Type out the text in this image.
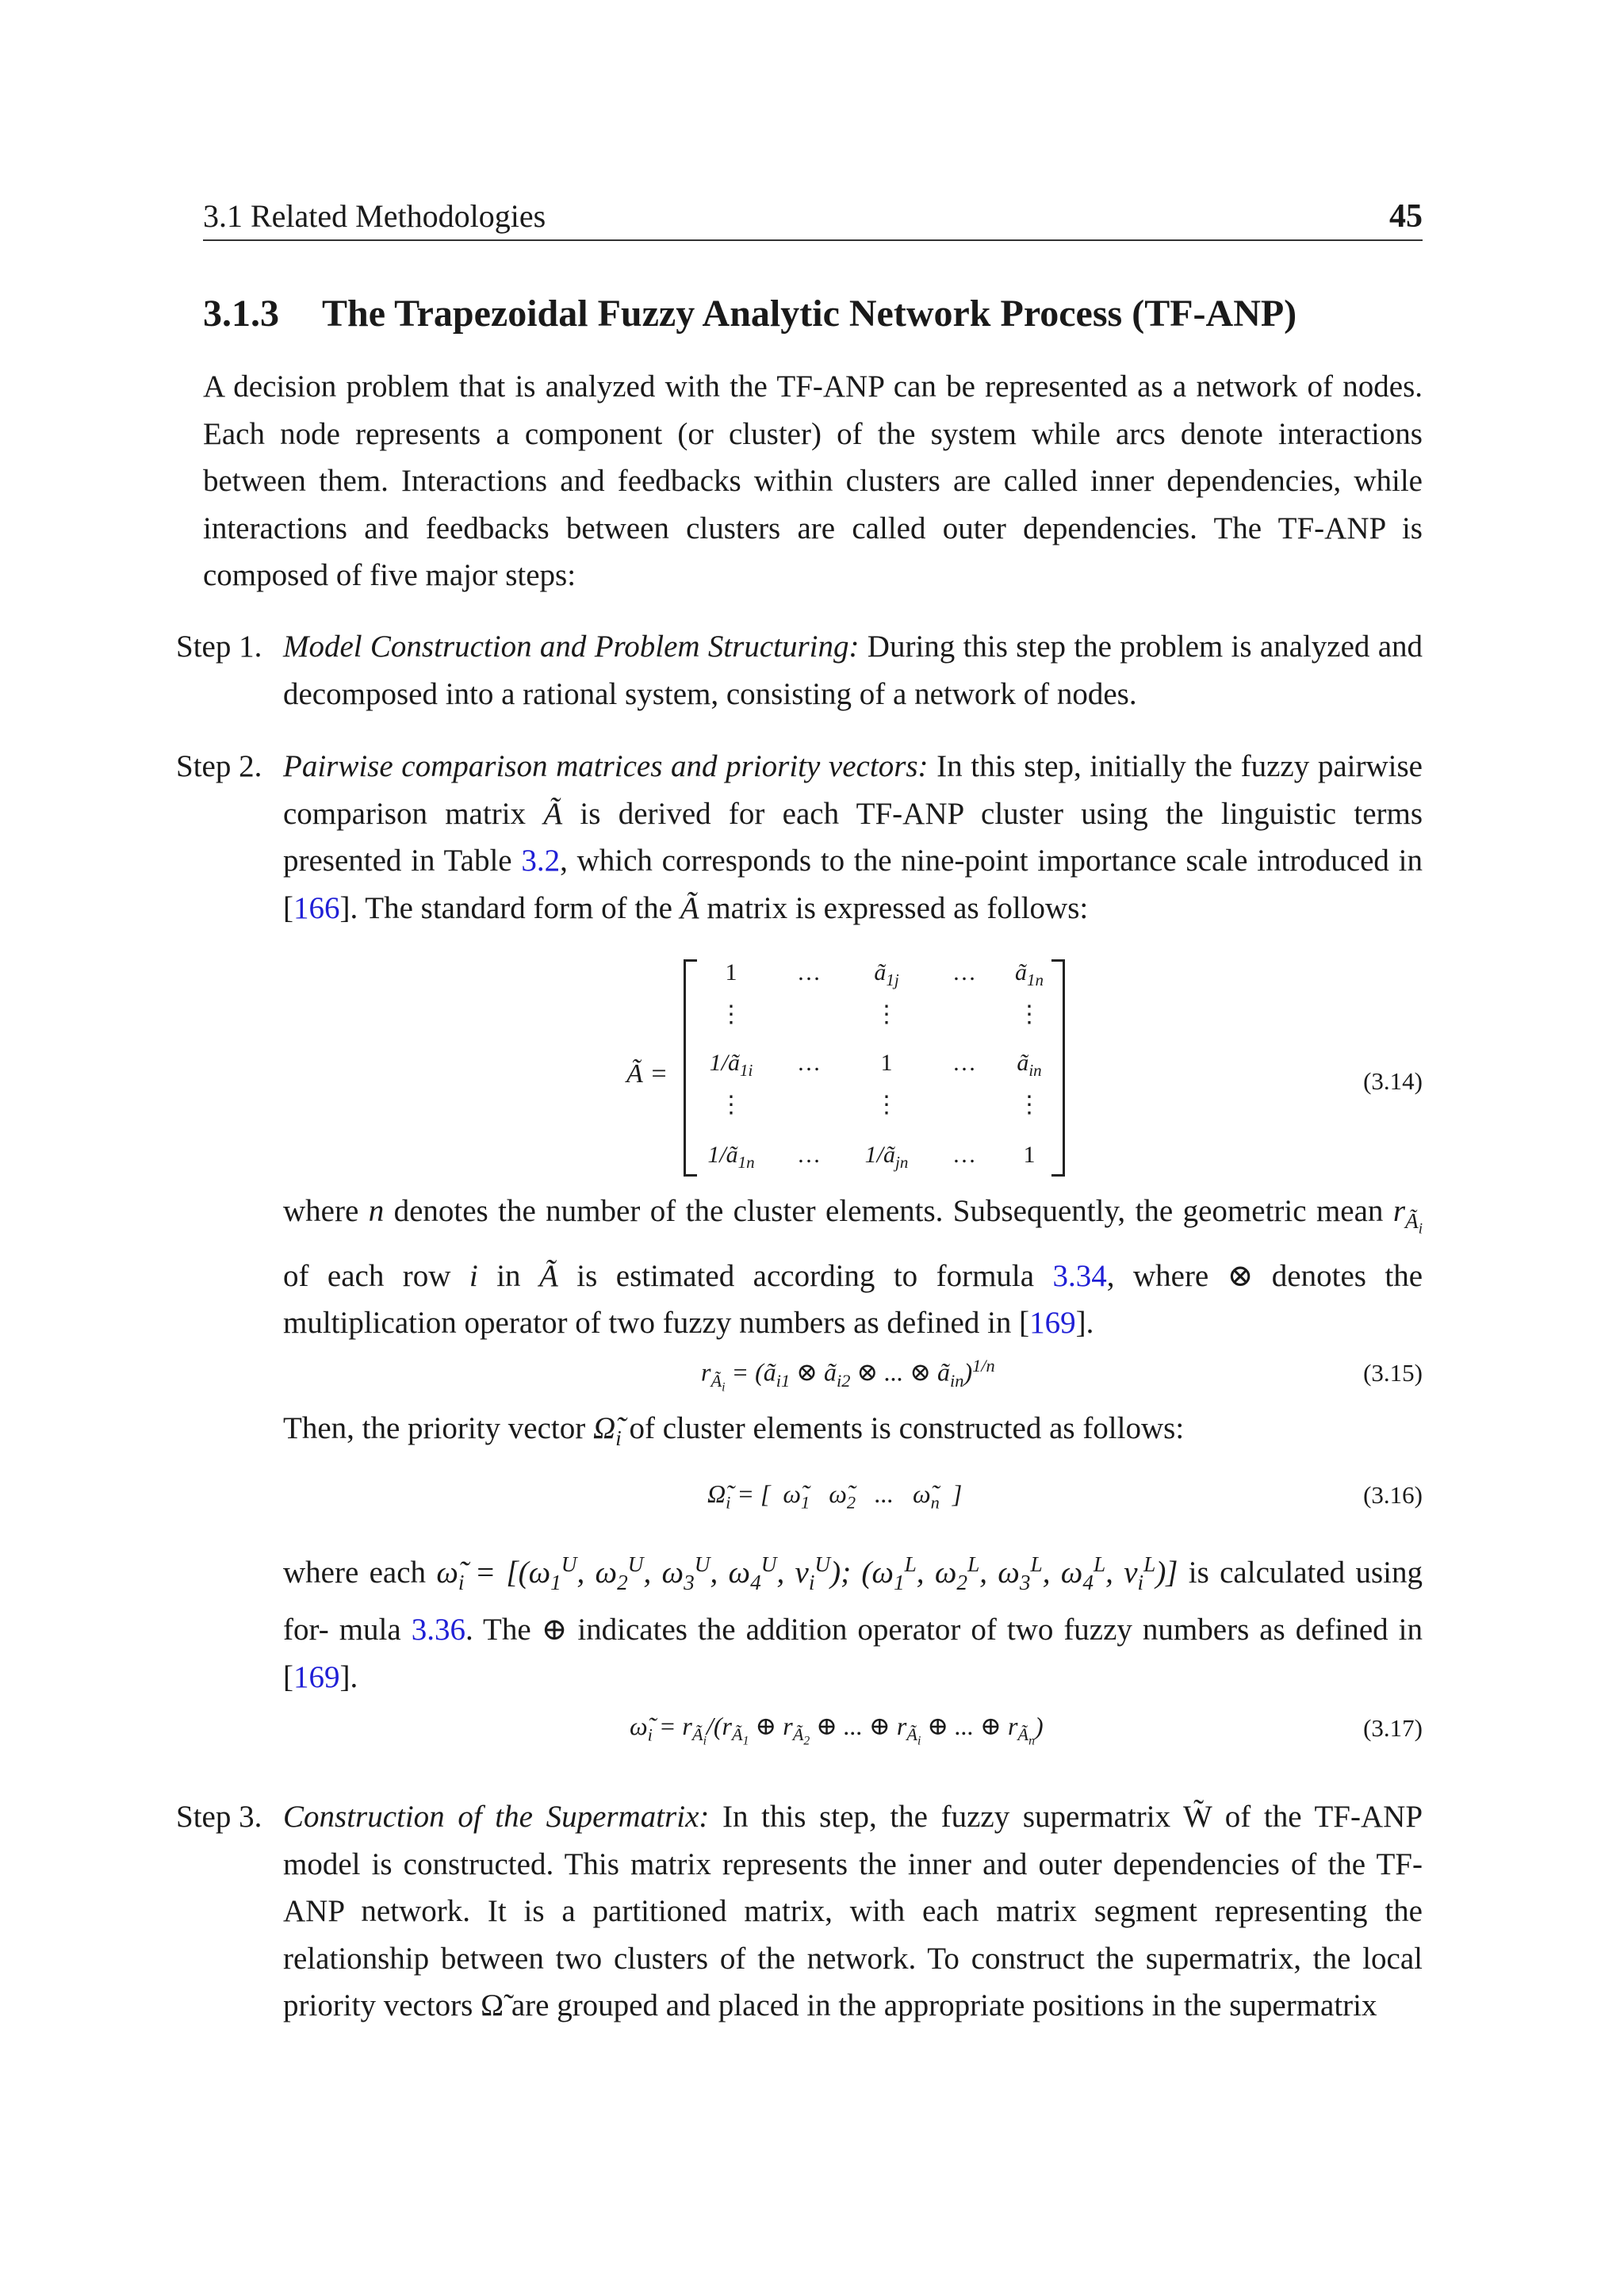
3.1 Related Methodologies	45
3.1.3 The Trapezoidal Fuzzy Analytic Network Process (TF-ANP)
A decision problem that is analyzed with the TF-ANP can be represented as a network of nodes. Each node represents a component (or cluster) of the system while arcs denote interactions between them. Interactions and feedbacks within clusters are called inner dependencies, while interactions and feedbacks between clusters are called outer dependencies. The TF-ANP is composed of five major steps:
Step 1. Model Construction and Problem Structuring: During this step the problem is analyzed and decomposed into a rational system, consisting of a network of nodes.
Step 2. Pairwise comparison matrices and priority vectors: In this step, initially the fuzzy pairwise comparison matrix Ã is derived for each TF-ANP cluster using the linguistic terms presented in Table 3.2, which corresponds to the nine-point importance scale introduced in [166]. The standard form of the Ã matrix is expressed as follows:
Ã =
1	…	$ã_{1j}$	…	$ã_{1n}$
⋮	⋮	⋮
$1/ã_{1i}$	…	1	…	$ã_{in}$
⋮	⋮	⋮
$1/ã_{1n}$	…	$1/ã_{jn}$	…	1
(3.14)
where n denotes the number of the cluster elements. Subsequently, the geometric mean $r_{Ã_i}$ of each row i in Ã is estimated according to formula 3.34, where ⊗ denotes the multiplication operator of two fuzzy numbers as defined in [169].
$r_{Ã_i}$ = ($ã_{i1}$ ⊗ $ã_{i2}$ ⊗ ... ⊗ $ã_{in})^{1/n}$	(3.15)
Then, the priority vector $\Omegã_i$ of cluster elements is constructed as follows:
$\Omegã_i$ = [  $\omegã_1$   $\omegã_2$   ...   $\omegã_n$  ]	(3.16)
where each $\omegã_i = [(\omega_1^U$, $\omega_2^U$, $\omega_3^U$, $\omega_4^U$, $v_i^U$); ($\omega_1^L$, $\omega_2^L$, $\omega_3^L$, $\omega_4^L$, $v_i^L$)] is calculated using for- mula 3.36. The ⊕ indicates the addition operator of two fuzzy numbers as defined in [169].
$\omegã_i = r_{Ã_i}/(r_{Ã_1}$ ⊕ $r_{Ã_2}$ ⊕ ... ⊕ $r_{Ã_i}$ ⊕ ... ⊕ $r_{Ã_n}$)	(3.17)
Step 3. Construction of the Supermatrix: In this step, the fuzzy supermatrix W̃ of the TF-ANP model is constructed. This matrix represents the inner and outer dependencies of the TF-ANP network. It is a partitioned matrix, with each matrix segment representing the relationship between two clusters of the network. To construct the supermatrix, the local priority vectors Ω̃ are grouped and placed in the appropriate positions in the supermatrix
